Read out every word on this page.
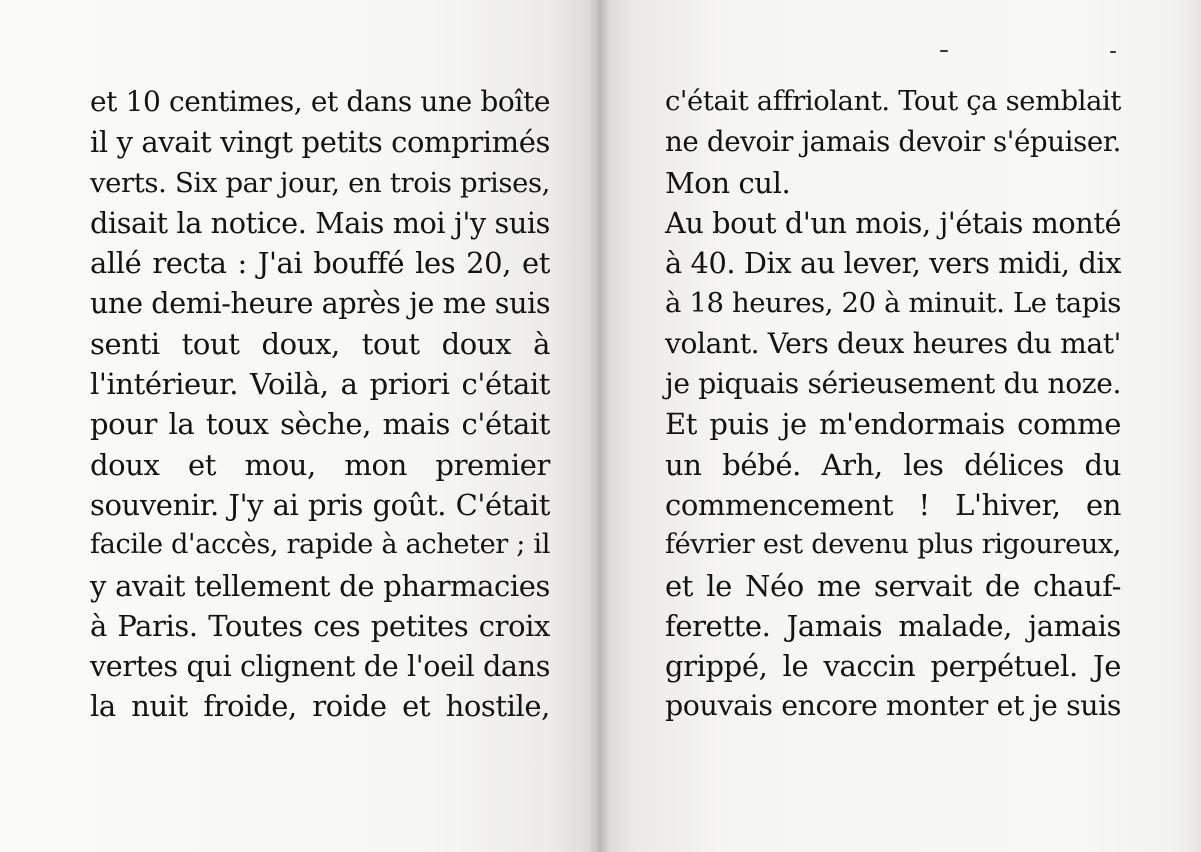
et 10 centimes, et dans une boîte
il y avait vingt petits comprimés
verts. Six par jour, en trois prises,
disait la notice. Mais moi j'y suis
allé recta : J'ai bouffé les 20, et
une demi-heure après je me suis
senti tout doux, tout doux à
l'intérieur. Voilà, a priori c'était
pour la toux sèche, mais c'était
doux et mou, mon premier
souvenir. J'y ai pris goût. C'était
facile d'accès, rapide à acheter ; il
y avait tellement de pharmacies
à Paris. Toutes ces petites croix
vertes qui clignent de l'oeil dans
la nuit froide, roide et hostile,
c'était affriolant. Tout ça semblait
ne devoir jamais devoir s'épuiser.
Mon cul.
Au bout d'un mois, j'étais monté
à 40. Dix au lever, vers midi, dix
à 18 heures, 20 à minuit. Le tapis
volant. Vers deux heures du mat'
je piquais sérieusement du noze.
Et puis je m'endormais comme
un bébé. Arh, les délices du
commencement ! L'hiver, en
février est devenu plus rigoureux,
et le Néo me servait de chauf-
ferette. Jamais malade, jamais
grippé, le vaccin perpétuel. Je
pouvais encore monter et je suis
